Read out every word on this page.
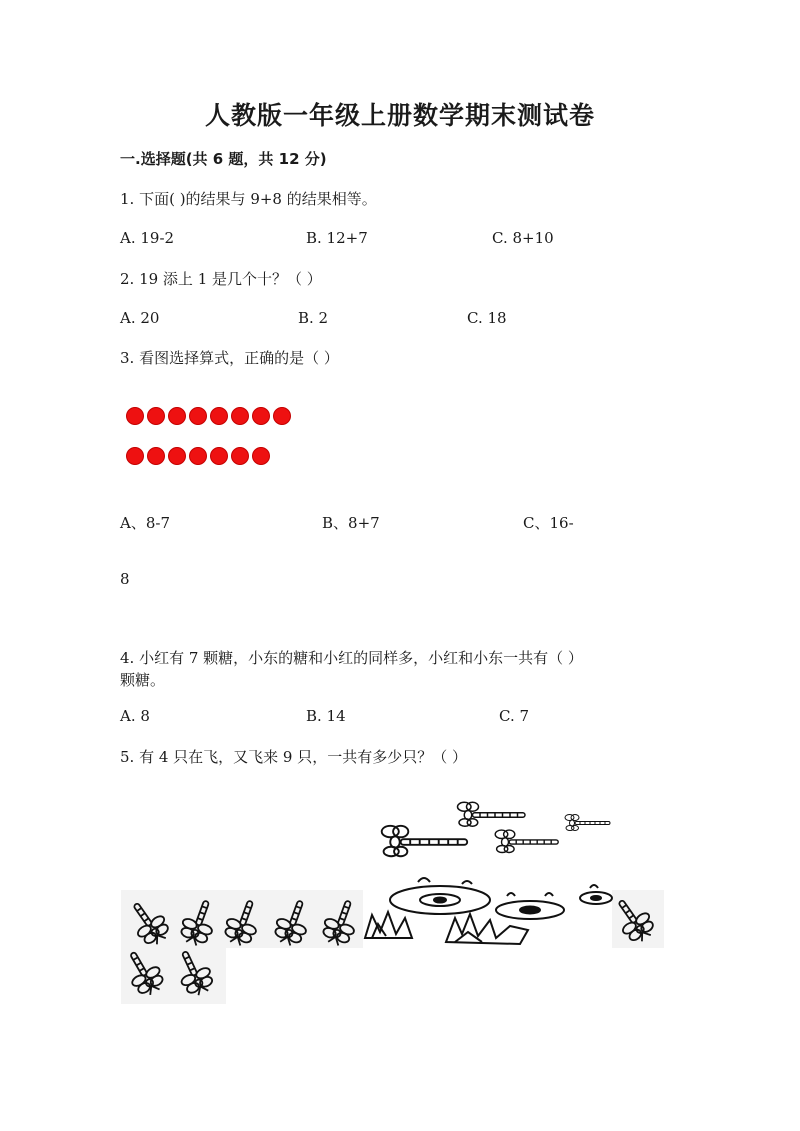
人教版一年级上册数学期末测试卷
一.选择题(共 6 题，共 12 分)
1. 下面( )的结果与 9+8 的结果相等。
A. 19-2	B. 12+7	C. 8+10
2. 19 添上 1 是几个十？（ ）
A. 20	B. 2	C. 18
3. 看图选择算式，正确的是（ ）
A、8-7	B、8+7	C、16-
8
4. 小红有 7 颗糖，小东的糖和小红的同样多，小红和小东一共有（ ）
颗糖。
A. 8	B. 14	C. 7
5. 有 4 只在飞，又飞来 9 只，一共有多少只？（ ）
